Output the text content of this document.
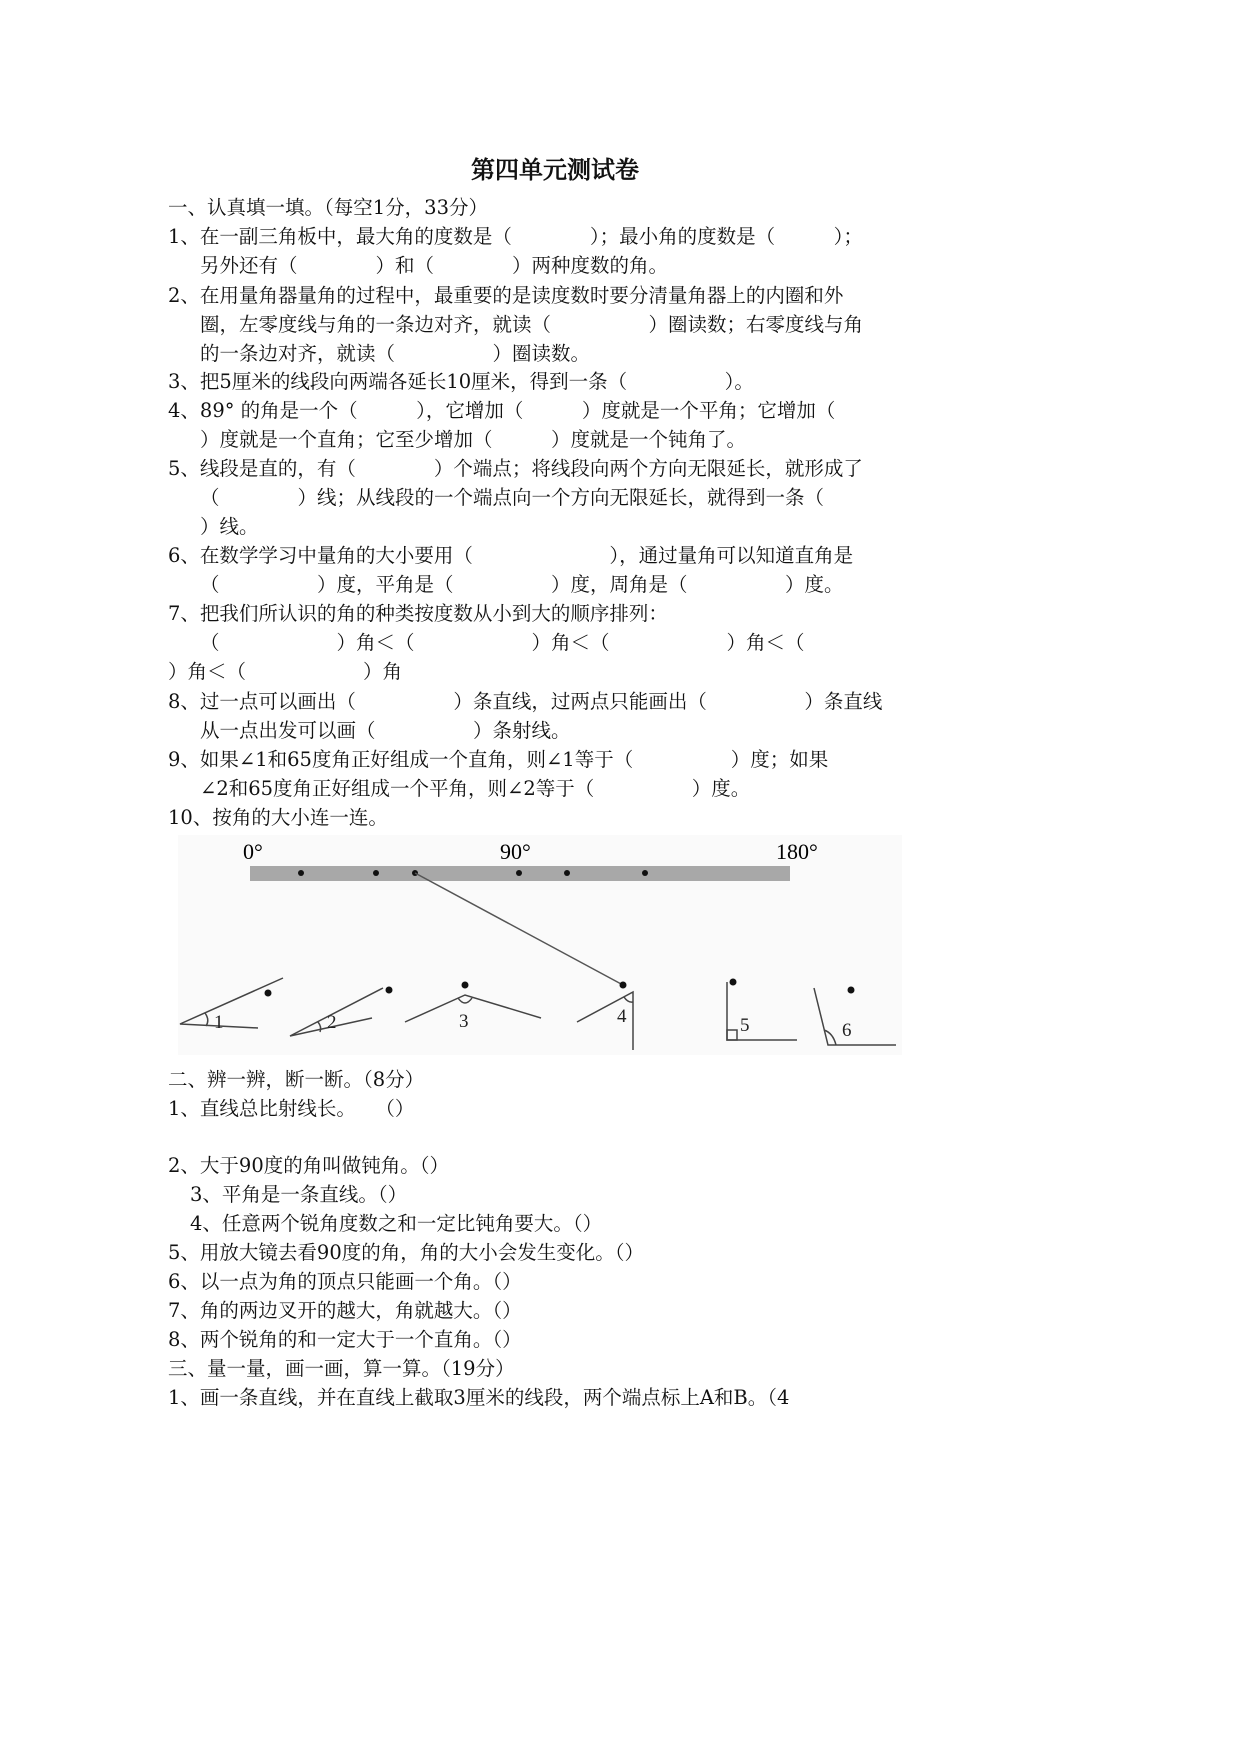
第四单元测试卷
一、认真填一填。（每空1分，33分）
1、在一副三角板中，最大角的度数是（　　　　）；最小角的度数是（　　　）；
另外还有（　　　　）和（　　　　）两种度数的角。
2、在用量角器量角的过程中，最重要的是读度数时要分清量角器上的内圈和外
圈，左零度线与角的一条边对齐，就读（　　　　　）圈读数；右零度线与角
的一条边对齐，就读（　　　　　）圈读数。
3、把5厘米的线段向两端各延长10厘米，得到一条（　　　　　）。
4、89° 的角是一个（　　　），它增加（　　　）度就是一个平角；它增加（
）度就是一个直角；它至少增加（　　　）度就是一个钝角了。
5、线段是直的，有（　　　　）个端点；将线段向两个方向无限延长，就形成了
（　　　　）线；从线段的一个端点向一个方向无限延长，就得到一条（
）线。
6、在数学学习中量角的大小要用（　　　　　　　），通过量角可以知道直角是
（　　　　　）度，平角是（　　　　　）度，周角是（　　　　　）度。
7、把我们所认识的角的种类按度数从小到大的顺序排列：
（　　　　　　）角＜（　　　　　　）角＜（　　　　　　）角＜（
）角＜（　　　　　　）角
8、过一点可以画出（　　　　　）条直线，过两点只能画出（　　　　　）条直线
从一点出发可以画（　　　　　）条射线。
9、如果∠1和65度角正好组成一个直角，则∠1等于（　　　　　）度；如果
∠2和65度角正好组成一个平角，则∠2等于（　　　　　）度。
10、按角的大小连一连。
0°	90°	180°
1	2	3	4	5	6
二、辨一辨，断一断。（8分）
1、直线总比射线长。　　（）
2、大于90度的角叫做钝角。（）
3、平角是一条直线。（）
4、任意两个锐角度数之和一定比钝角要大。（）
5、用放大镜去看90度的角，角的大小会发生变化。（）
6、以一点为角的顶点只能画一个角。（）
7、角的两边叉开的越大，角就越大。（）
8、两个锐角的和一定大于一个直角。（）
三、量一量，画一画，算一算。（19分）
1、画一条直线，并在直线上截取3厘米的线段，两个端点标上A和B。（4
